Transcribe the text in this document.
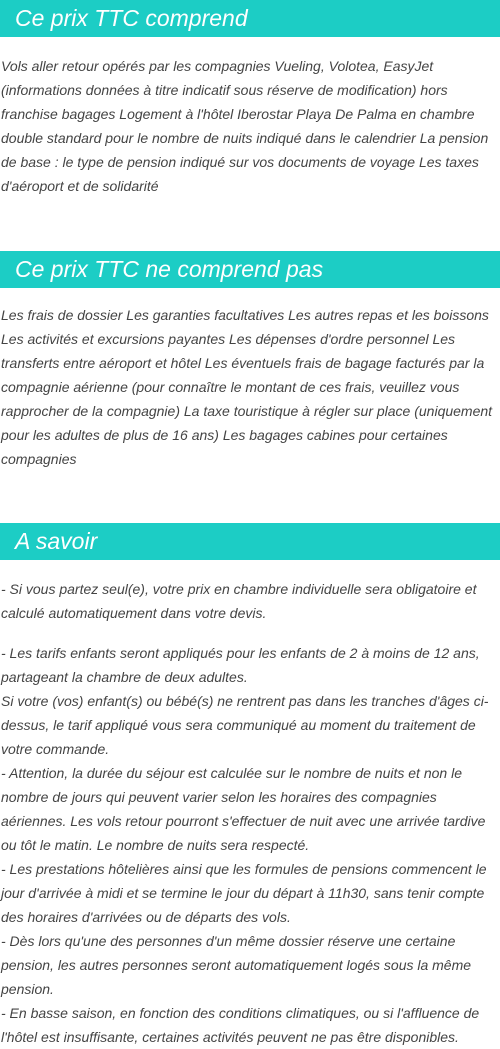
Ce prix TTC comprend

Vols aller retour opérés par les compagnies Vueling, Volotea, EasyJet (informations données à titre indicatif sous réserve de modification) hors franchise bagages Logement à l'hôtel Iberostar Playa De Palma en chambre double standard pour le nombre de nuits indiqué dans le calendrier La pension de base : le type de pension indiqué sur vos documents de voyage Les taxes d'aéroport et de solidarité

Ce prix TTC ne comprend pas

Les frais de dossier Les garanties facultatives Les autres repas et les boissons Les activités et excursions payantes Les dépenses d'ordre personnel Les transferts entre aéroport et hôtel Les éventuels frais de bagage facturés par la compagnie aérienne (pour connaître le montant de ces frais, veuillez vous rapprocher de la compagnie) La taxe touristique à régler sur place (uniquement pour les adultes de plus de 16 ans) Les bagages cabines pour certaines compagnies

A savoir

- Si vous partez seul(e), votre prix en chambre individuelle sera obligatoire et calculé automatiquement dans votre devis.

- Les tarifs enfants seront appliqués pour les enfants de 2 à moins de 12 ans, partageant la chambre de deux adultes.
Si votre (vos) enfant(s) ou bébé(s) ne rentrent pas dans les tranches d'âges ci-dessus, le tarif appliqué vous sera communiqué au moment du traitement de votre commande.
- Attention, la durée du séjour est calculée sur le nombre de nuits et non le nombre de jours qui peuvent varier selon les horaires des compagnies aériennes. Les vols retour pourront s'effectuer de nuit avec une arrivée tardive ou tôt le matin. Le nombre de nuits sera respecté.
- Les prestations hôtelières ainsi que les formules de pensions commencent le jour d'arrivée à midi et se termine le jour du départ à 11h30, sans tenir compte des horaires d'arrivées ou de départs des vols.
- Dès lors qu'une des personnes d'un même dossier réserve une certaine pension, les autres personnes seront automatiquement logés sous la même pension.
- En basse saison, en fonction des conditions climatiques, ou si l'affluence de l'hôtel est insuffisante, certaines activités peuvent ne pas être disponibles.
